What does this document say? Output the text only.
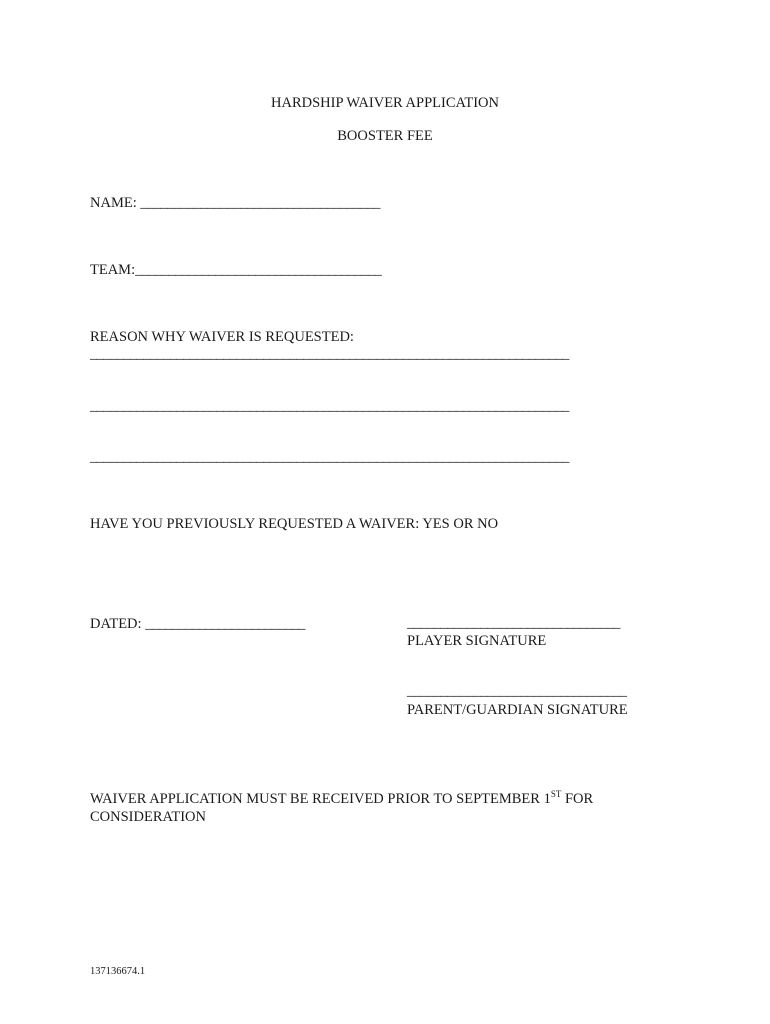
HARDSHIP WAIVER APPLICATION
BOOSTER FEE
NAME: ____________________________________
TEAM:_____________________________________
REASON WHY WAIVER IS REQUESTED:
________________________________________________________________________
________________________________________________________________________
________________________________________________________________________
HAVE YOU PREVIOUSLY REQUESTED A WAIVER: YES OR NO
DATED: ________________________	________________________________
PLAYER SIGNATURE
_________________________________
PARENT/GUARDIAN SIGNATURE
WAIVER APPLICATION MUST BE RECEIVED PRIOR TO SEPTEMBER 1ST FOR
CONSIDERATION
137136674.1
